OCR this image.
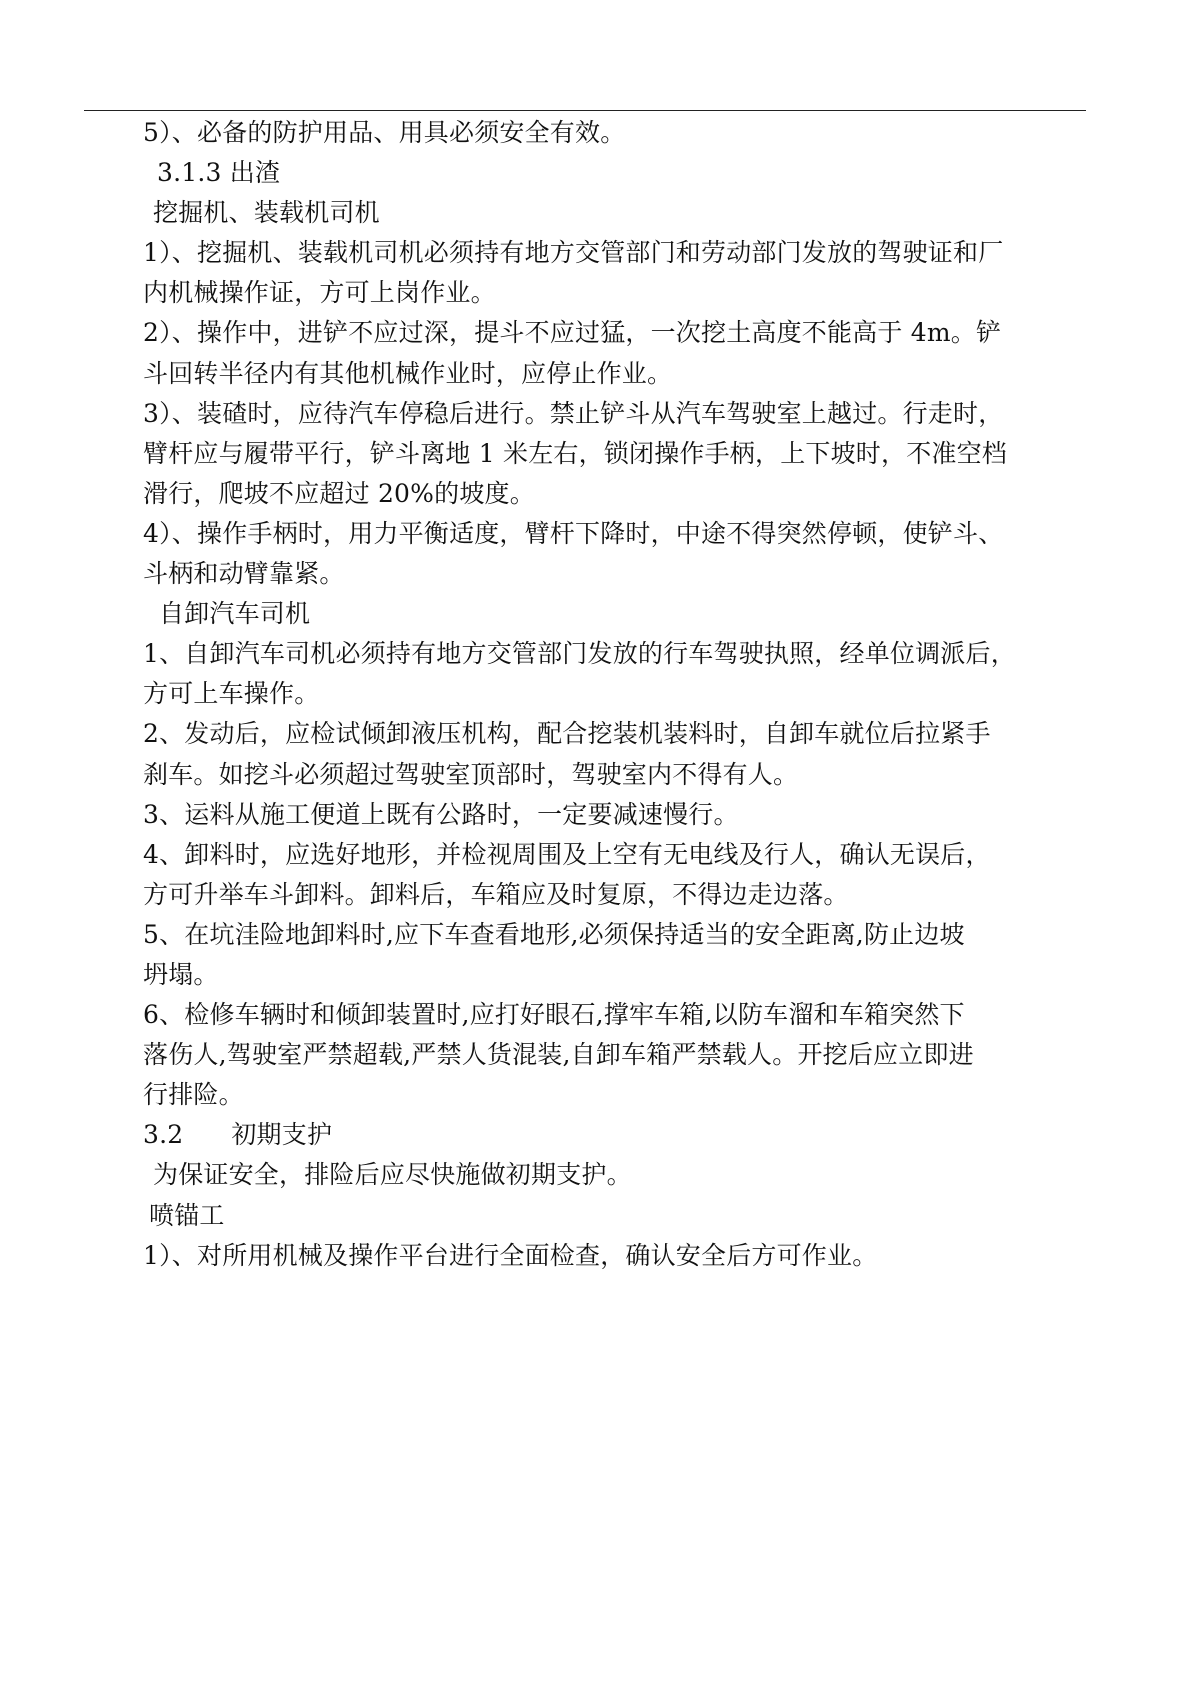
5）、必备的防护用品、用具必须安全有效。
3.1.3 出渣
挖掘机、装载机司机
1）、挖掘机、装载机司机必须持有地方交管部门和劳动部门发放的驾驶证和厂
内机械操作证，方可上岗作业。
2）、操作中，进铲不应过深，提斗不应过猛，一次挖土高度不能高于 4m。铲
斗回转半径内有其他机械作业时，应停止作业。
3）、装碴时，应待汽车停稳后进行。禁止铲斗从汽车驾驶室上越过。行走时，
臂杆应与履带平行，铲斗离地 1 米左右，锁闭操作手柄，上下坡时，不准空档
滑行，爬坡不应超过 20%的坡度。
4）、操作手柄时，用力平衡适度，臂杆下降时，中途不得突然停顿，使铲斗、
斗柄和动臂靠紧。
自卸汽车司机
1、自卸汽车司机必须持有地方交管部门发放的行车驾驶执照，经单位调派后，
方可上车操作。
2、发动后，应检试倾卸液压机构，配合挖装机装料时，自卸车就位后拉紧手
刹车。如挖斗必须超过驾驶室顶部时，驾驶室内不得有人。
3、运料从施工便道上既有公路时，一定要减速慢行。
4、卸料时，应选好地形，并检视周围及上空有无电线及行人，确认无误后，
方可升举车斗卸料。卸料后，车箱应及时复原，不得边走边落。
5、在坑洼险地卸料时,应下车查看地形,必须保持适当的安全距离,防止边坡
坍塌。
6、检修车辆时和倾卸装置时,应打好眼石,撑牢车箱,以防车溜和车箱突然下
落伤人,驾驶室严禁超载,严禁人货混装,自卸车箱严禁载人。开挖后应立即进
行排险。
3.2 初期支护
为保证安全，排险后应尽快施做初期支护。
喷锚工
1）、对所用机械及操作平台进行全面检查，确认安全后方可作业。
